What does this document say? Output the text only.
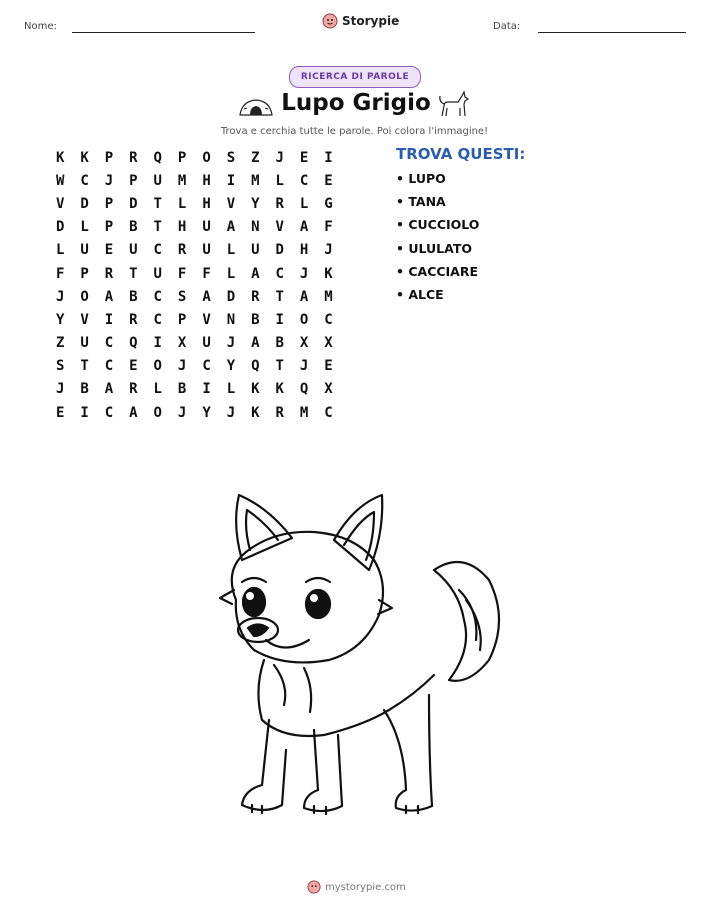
Nome:	Storypie	Data:
RICERCA DI PAROLE
Lupo Grigio
Trova e cerchia tutte le parole. Poi colora l'immagine!
K	K	P	R	Q	P	O	S	Z	J	E	I
W	C	J	P	U	M	H	I	M	L	C	E
V	D	P	D	T	L	H	V	Y	R	L	G
D	L	P	B	T	H	U	A	N	V	A	F
L	U	E	U	C	R	U	L	U	D	H	J
F	P	R	T	U	F	F	L	A	C	J	K
J	O	A	B	C	S	A	D	R	T	A	M
Y	V	I	R	C	P	V	N	B	I	O	C
Z	U	C	Q	I	X	U	J	A	B	X	X
S	T	C	E	O	J	C	Y	Q	T	J	E
J	B	A	R	L	B	I	L	K	K	Q	X
E	I	C	A	O	J	Y	J	K	R	M	C
TROVA QUESTI:
• LUPO
• TANA
• CUCCIOLO
• ULULATO
• CACCIARE
• ALCE
mystorypie.com
